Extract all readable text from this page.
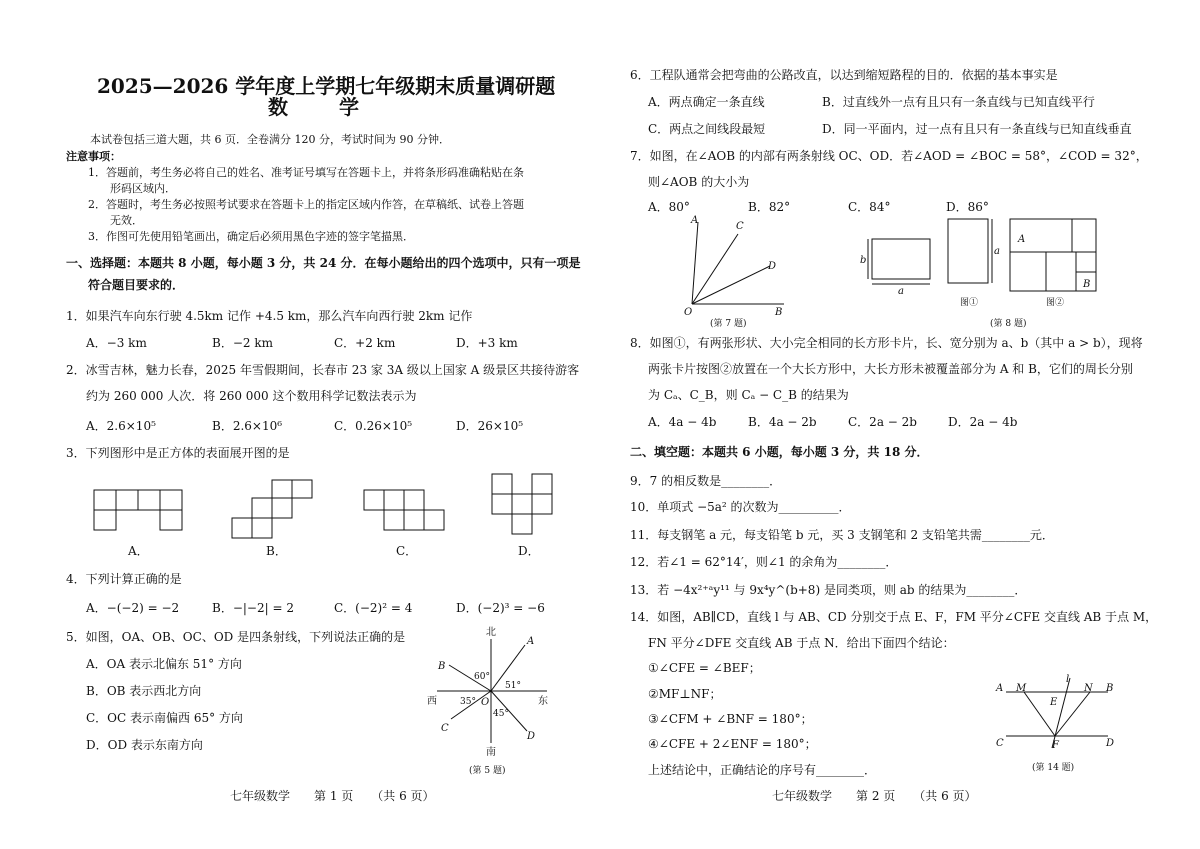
2025—2026 学年度上学期七年级期末质量调研题
数 学
本试卷包括三道大题，共 6 页．全卷满分 120 分，考试时间为 90 分钟．
注意事项：
1．答题前，考生务必将自己的姓名、准考证号填写在答题卡上，并将条形码准确粘贴在条
形码区域内．
2．答题时，考生务必按照考试要求在答题卡上的指定区域内作答，在草稿纸、试卷上答题
无效．
3．作图可先使用铅笔画出，确定后必须用黑色字迹的签字笔描黑．
一、选择题：本题共 8 小题，每小题 3 分，共 24 分．在每小题给出的四个选项中，只有一项是
符合题目要求的．
1．如果汽车向东行驶 4.5km 记作 +4.5 km，那么汽车向西行驶 2km 记作
A．−3 km	B．−2 km	C．+2 km	D．+3 km
2．冰雪吉林，魅力长春，2025 年雪假期间，长春市 23 家 3A 级以上国家 A 级景区共接待游客
约为 260 000 人次．将 260 000 这个数用科学记数法表示为
A．2.6×10⁵	B．2.6×10⁶	C．0.26×10⁵	D．26×10⁵
3．下列图形中是正方体的表面展开图的是
A．	B．	C．	D．
4．下列计算正确的是
A．−(−2) = −2	B．−|−2| = 2	C．(−2)² = 4	D．(−2)³ = −6
5．如图，OA、OB、OC、OD 是四条射线，下列说法正确的是
A．OA 表示北偏东 51° 方向
B．OB 表示西北方向
C．OC 表示南偏西 65° 方向
D．OD 表示东南方向
北
南
西	东
A
B
C
D
O
60°
51°
35°
45°
(第 5 题)
七年级数学　　第 1 页　　（共 6 页）
6．工程队通常会把弯曲的公路改直，以达到缩短路程的目的．依据的基本事实是
A．两点确定一条直线	B．过直线外一点有且只有一条直线与已知直线平行
C．两点之间线段最短	D．同一平面内，过一点有且只有一条直线与已知直线垂直
7．如图，在∠AOB 的内部有两条射线 OC、OD．若∠AOD = ∠BOC = 58°，∠COD = 32°，
则∠AOB 的大小为
A．80°	B．82°	C．84°	D．86°
A
C
D
B
O
(第 7 题)
b
a
a
A
B
图①	图②
(第 8 题)
8．如图①，有两张形状、大小完全相同的长方形卡片，长、宽分别为 a、b（其中 a > b），现将
两张卡片按图②放置在一个大长方形中，大长方形未被覆盖部分为 A 和 B，它们的周长分别
为 Cₐ、C_B，则 Cₐ − C_B 的结果为
A．4a − 4b	B．4a − 2b	C．2a − 2b	D．2a − 4b
二、填空题：本题共 6 小题，每小题 3 分，共 18 分．
9．7 的相反数是________．
10．单项式 −5a² 的次数为__________．
11．每支钢笔 a 元，每支铅笔 b 元，买 3 支钢笔和 2 支铅笔共需________元．
12．若∠1 = 62°14′，则∠1 的余角为________．
13．若 −4x²⁺ᵃy¹¹ 与 9x⁴y^(b+8) 是同类项，则 ab 的结果为________．
14．如图，AB∥CD，直线 l 与 AB、CD 分别交于点 E、F，FM 平分∠CFE 交直线 AB 于点 M，
FN 平分∠DFE 交直线 AB 于点 N．给出下面四个结论：
①∠CFE = ∠BEF；
②MF⊥NF；
③∠CFM + ∠BNF = 180°；
④∠CFE + 2∠ENF = 180°；
上述结论中，正确结论的序号有________．
A M
l
N B
E
C	F	D
(第 14 题)
七年级数学　　第 2 页　　（共 6 页）
